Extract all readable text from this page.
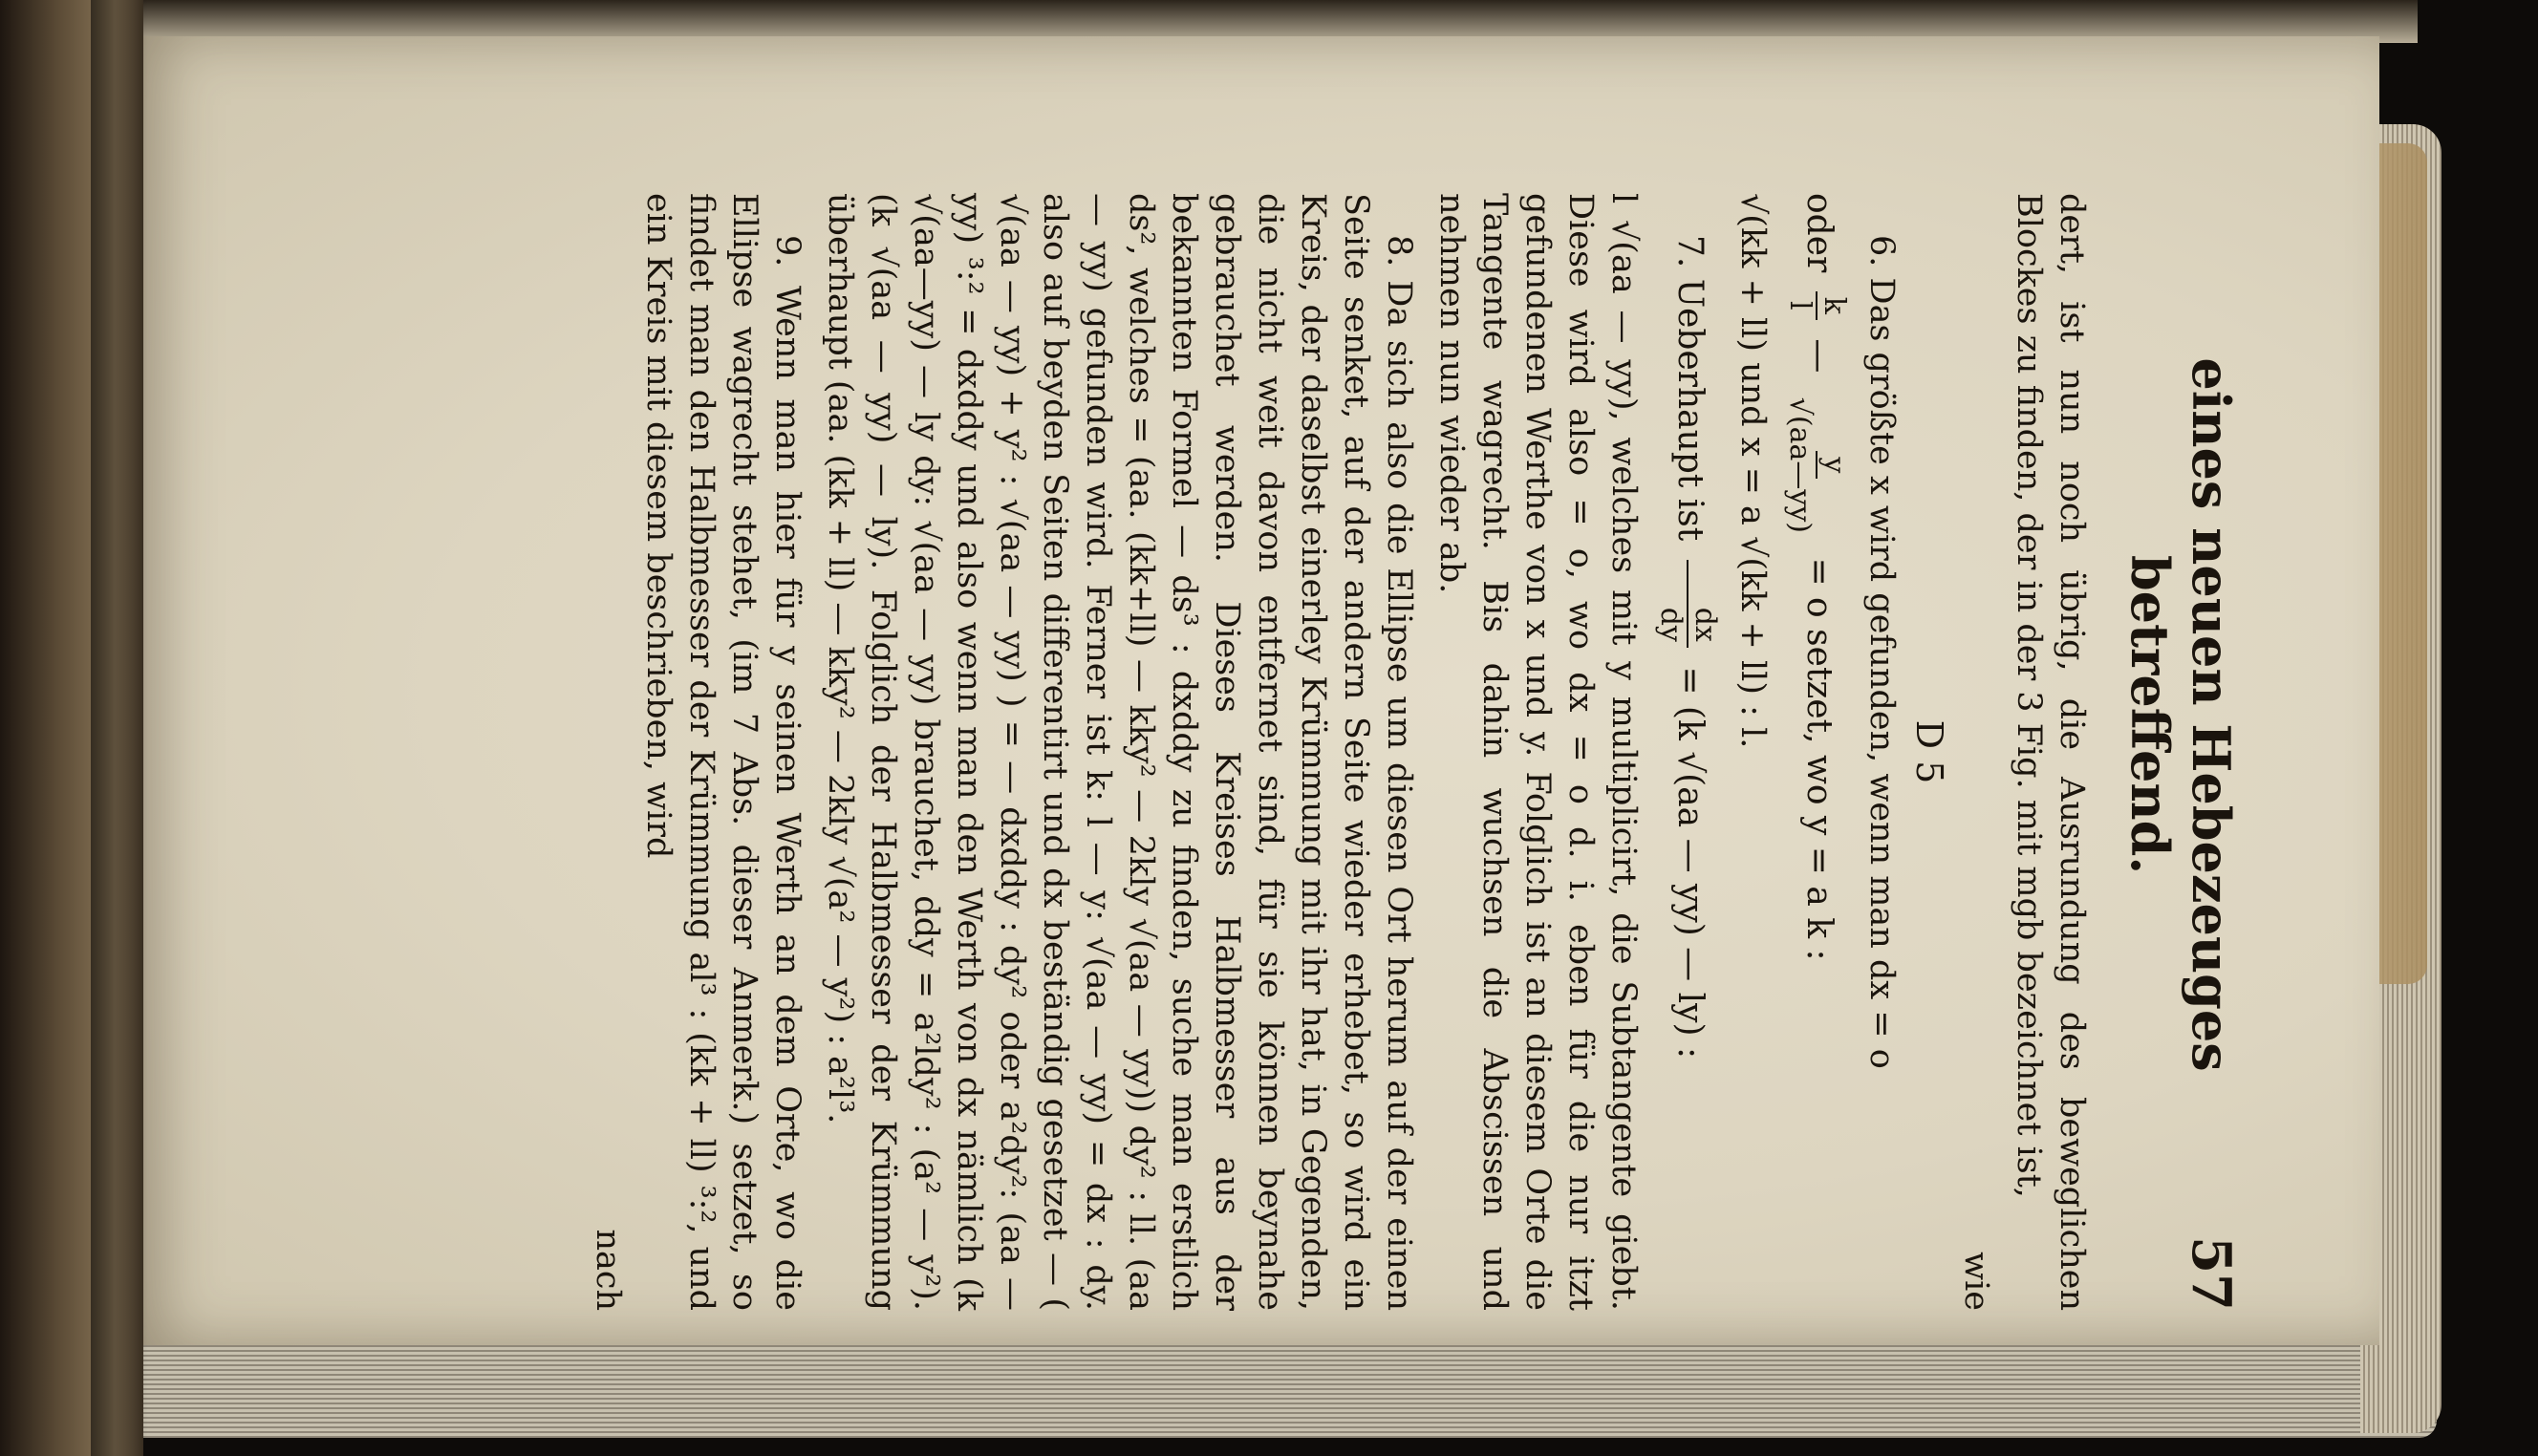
eines neuen Hebezeuges betreffend.
57

dert, ist nun noch übrig, die Ausrundung des beweglichen Blockes zu finden, der in der 3 Fig. mit mgb bezeichnet ist,

wie
D 5

6. Das größte x wird gefunden, wenn man dx = o

oder
k
l
—
y
√(aa—yy)
= o setzet, wo y = a k :

√(kk + ll) und x = a √(kk + ll) : l.

7. Ueberhaupt ist
dx
dy
= (k √(aa — yy) — ly) :

l √(aa — yy), welches mit y multiplicirt, die Subtangente giebt. Diese wird also = o, wo dx = o d. i. eben für die nur itzt gefundenen Werthe von x und y. Folglich ist an diesem Orte die Tangente wagrecht. Bis dahin wuchsen die Abscissen und nehmen nun wieder ab.

8. Da sich also die Ellipse um diesen Ort herum auf der einen Seite senket, auf der andern Seite wieder erhebet, so wird ein Kreis, der daselbst einerley Krümmung mit ihr hat, in Gegenden, die nicht weit davon entfernet sind, für sie können beynahe gebrauchet werden. Dieses Kreises Halbmesser aus der bekannten Formel — ds³ : dxddy zu finden, suche man erstlich ds², welches = (aa. (kk+ll) — kky² — 2kly √(aa — yy)) dy² : ll. (aa — yy) gefunden wird. Ferner ist k: l — y: √(aa — yy) = dx : dy. also auf beyden Seiten differentirt und dx beständig gesetzet — ( √(aa — yy) + y² : √(aa — yy) ) = — dxddy : dy² oder a²dy²: (aa — yy) ³:² = dxddy und also wenn man den Werth von dx nämlich (k √(aa—yy) — ly dy: √(aa — yy) brauchet, ddy = a²ldy² : (a² — y²). (k √(aa — yy) — ly). Folglich der Halbmesser der Krümmung überhaupt (aa. (kk + ll) — kky² — 2kly √(a² — y²) : a²l³.

9. Wenn man hier für y seinen Werth an dem Orte, wo die Ellipse wagrecht stehet, (im 7 Abs. dieser Anmerk.) setzet, so findet man den Halbmesser der Krümmung al³ : (kk + ll) ³:², und ein Kreis mit diesem beschrieben, wird

nach
